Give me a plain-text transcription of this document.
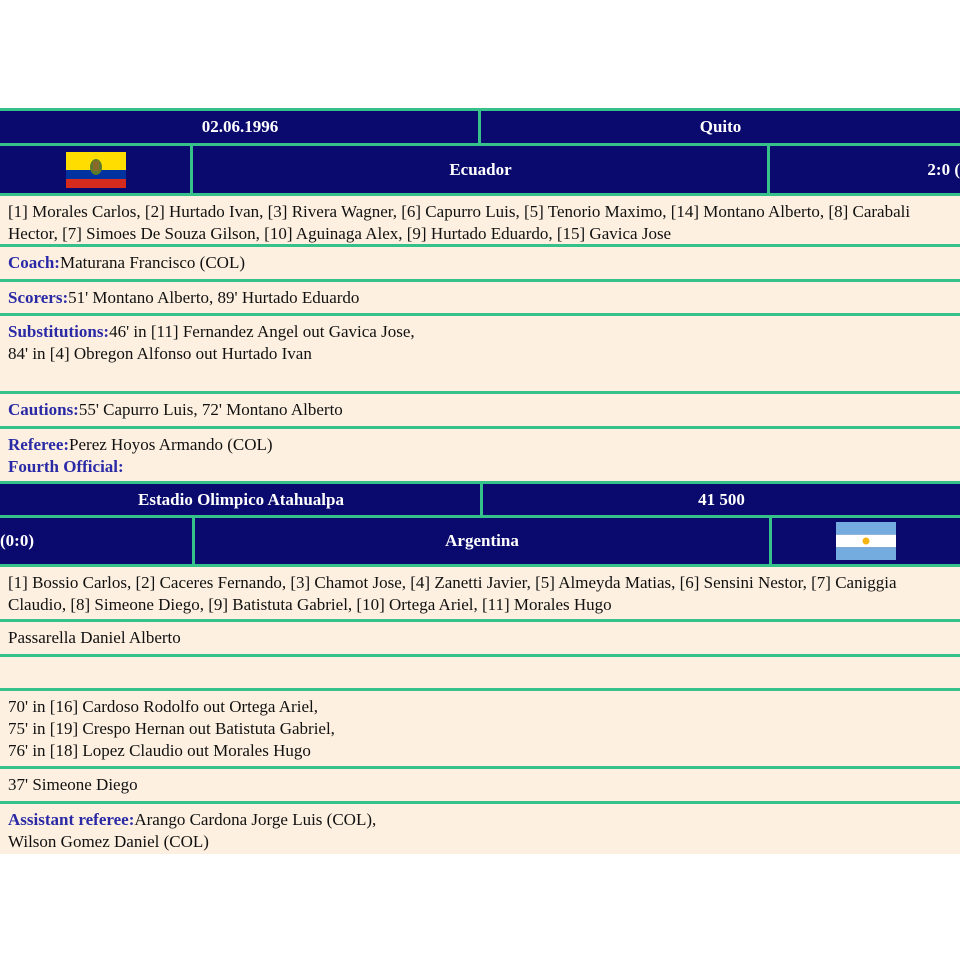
02.06.1996	Quito
Ecuador	2:0 (
[1] Morales Carlos, [2] Hurtado Ivan, [3] Rivera Wagner, [6] Capurro Luis, [5] Tenorio Maximo, [14] Montano Alberto, [8] Carabali Hector, [7] Simoes De Souza Gilson, [10] Aguinaga Alex, [9] Hurtado Eduardo, [15] Gavica Jose
Coach:Maturana Francisco (COL)
Scorers:51' Montano Alberto, 89' Hurtado Eduardo
Substitutions:46' in [11] Fernandez Angel out Gavica Jose,
84' in [4] Obregon Alfonso out Hurtado Ivan
Cautions:55' Capurro Luis, 72' Montano Alberto
Referee:Perez Hoyos Armando (COL)
Fourth Official:
Estadio Olimpico Atahualpa	41 500
(0:0)	Argentina
[1] Bossio Carlos, [2] Caceres Fernando, [3] Chamot Jose, [4] Zanetti Javier, [5] Almeyda Matias, [6] Sensini Nestor, [7] Caniggia Claudio, [8] Simeone Diego, [9] Batistuta Gabriel, [10] Ortega Ariel, [11] Morales Hugo
Passarella Daniel Alberto
70' in [16] Cardoso Rodolfo out Ortega Ariel,
75' in [19] Crespo Hernan out Batistuta Gabriel,
76' in [18] Lopez Claudio out Morales Hugo
37' Simeone Diego
Assistant referee:Arango Cardona Jorge Luis (COL),
Wilson Gomez Daniel (COL)
